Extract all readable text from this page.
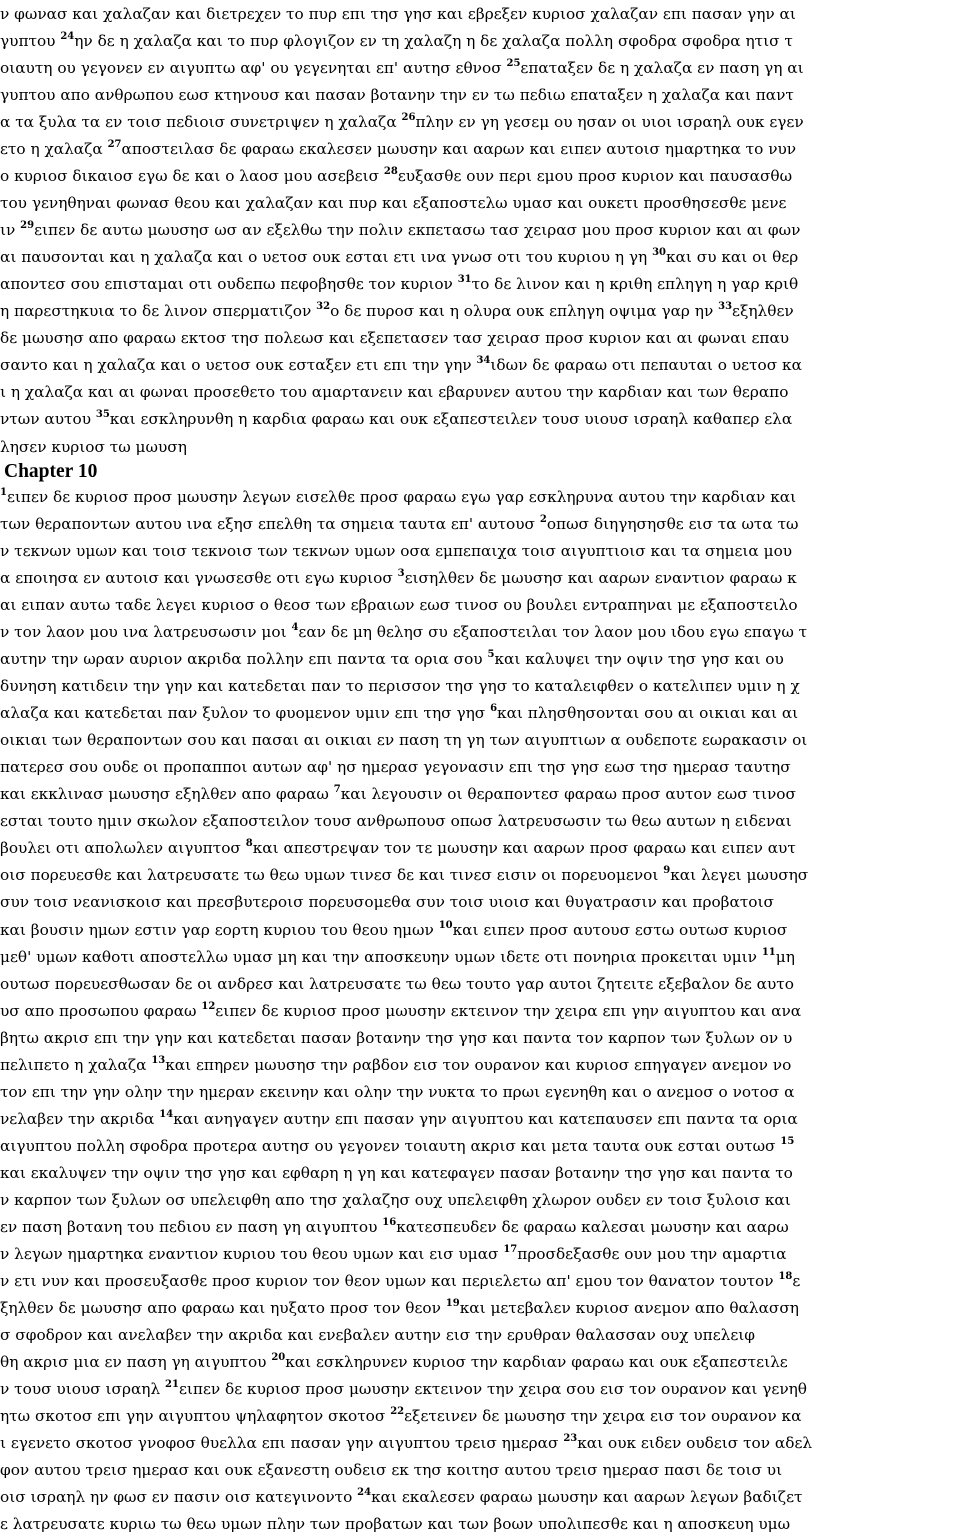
ν φωνασ και χαλαζαν και διετρεχεν το πυρ επι τησ γησ και εβρεξεν κυριοσ χαλαζαν επι πασαν γην αι
γυπτου $^{24}$ην δε η χαλαζα και το πυρ φλογιζον εν τη χαλαζη η δε χαλαζα πολλη σφοδρα σφοδρα ητισ τ
οιαυτη ου γεγονεν εν αιγυπτω αφ' ου γεγενηται επ' αυτησ εθνοσ $^{25}$επαταξεν δε η χαλαζα εν παση γη αι
γυπτου απο ανθρωπου εωσ κτηνουσ και πασαν βοτανην την εν τω πεδιω επαταξεν η χαλαζα και παντ
α τα ξυλα τα εν τοισ πεδιοισ συνετριψεν η χαλαζα $^{26}$πλην εν γη γεσεμ ου ησαν οι υιοι ισραηλ ουκ εγεν
ετο η χαλαζα $^{27}$αποστειλασ δε φαραω εκαλεσεν μωυσην και ααρων και ειπεν αυτοισ ημαρτηκα το νυν
ο κυριοσ δικαιοσ εγω δε και ο λαοσ μου ασεβεισ $^{28}$ευξασθε ουν περι εμου προσ κυριον και παυσασθω
του γενηθηναι φωνασ θεου και χαλαζαν και πυρ και εξαποστελω υμασ και ουκετι προσθησεσθε μενε
ιν $^{29}$ειπεν δε αυτω μωυσησ ωσ αν εξελθω την πολιν εκπετασω τασ χειρασ μου προσ κυριον και αι φων
αι παυσονται και η χαλαζα και ο υετοσ ουκ εσται ετι ινα γνωσ οτι του κυριου η γη $^{30}$και συ και οι θερ
αποντεσ σου επισταμαι οτι ουδεπω πεφοβησθε τον κυριον $^{31}$το δε λινον και η κριθη επληγη η γαρ κριθ
η παρεστηκυια το δε λινον σπερματιζον $^{32}$ο δε πυροσ και η ολυρα ουκ επληγη οψιμα γαρ ην $^{33}$εξηλθεν
δε μωυσησ απο φαραω εκτοσ τησ πολεωσ και εξεπετασεν τασ χειρασ προσ κυριον και αι φωναι επαυ
σαντο και η χαλαζα και ο υετοσ ουκ εσταξεν ετι επι την γην $^{34}$ιδων δε φαραω οτι πεπαυται ο υετοσ κα
ι η χαλαζα και αι φωναι προσεθετο του αμαρτανειν και εβαρυνεν αυτου την καρδιαν και των θεραπο
ντων αυτου $^{35}$και εσκληρυνθη η καρδια φαραω και ουκ εξαπεστειλεν τουσ υιουσ ισραηλ καθαπερ ελα
λησεν κυριοσ τω μωυση
Chapter 10
$^1$ειπεν δε κυριοσ προσ μωυσην λεγων εισελθε προσ φαραω εγω γαρ εσκληρυνα αυτου την καρδιαν και
των θεραποντων αυτου ινα εξησ επελθη τα σημεια ταυτα επ' αυτουσ $^2$οπωσ διηγησησθε εισ τα ωτα τω
ν τεκνων υμων και τοισ τεκνοισ των τεκνων υμων οσα εμπεπαιχα τοισ αιγυπτιοισ και τα σημεια μου
α εποιησα εν αυτοισ και γνωσεσθε οτι εγω κυριοσ $^3$εισηλθεν δε μωυσησ και ααρων εναντιον φαραω κ
αι ειπαν αυτω ταδε λεγει κυριοσ ο θεοσ των εβραιων εωσ τινοσ ου βουλει εντραπηναι με εξαποστειλο
ν τον λαον μου ινα λατρευσωσιν μοι $^4$εαν δε μη θελησ συ εξαποστειλαι τον λαον μου ιδου εγω επαγω τ
αυτην την ωραν αυριον ακριδα πολλην επι παντα τα ορια σου $^5$και καλυψει την οψιν τησ γησ και ου
δυνηση κατιδειν την γην και κατεδεται παν το περισσον τησ γησ το καταλειφθεν ο κατελιπεν υμιν η χ
αλαζα και κατεδεται παν ξυλον το φυομενον υμιν επι τησ γησ $^6$και πλησθησονται σου αι οικιαι και αι
οικιαι των θεραποντων σου και πασαι αι οικιαι εν παση τη γη των αιγυπτιων α ουδεποτε εωρακασιν οι
πατερεσ σου ουδε οι προπαπποι αυτων αφ' ησ ημερασ γεγονασιν επι τησ γησ εωσ τησ ημερασ ταυτησ
και εκκλινασ μωυσησ εξηλθεν απο φαραω $^7$και λεγουσιν οι θεραποντεσ φαραω προσ αυτον εωσ τινοσ
εσται τουτο ημιν σκωλον εξαποστειλον τουσ ανθρωπουσ οπωσ λατρευσωσιν τω θεω αυτων η ειδεναι
βουλει οτι απολωλεν αιγυπτοσ $^8$και απεστρεψαν τον τε μωυσην και ααρων προσ φαραω και ειπεν αυτ
οισ πορευεσθε και λατρευσατε τω θεω υμων τινεσ δε και τινεσ εισιν οι πορευομενοι $^9$και λεγει μωυσησ
συν τοισ νεανισκοισ και πρεσβυτεροισ πορευσομεθα συν τοισ υιοισ και θυγατρασιν και προβατοισ
και βουσιν ημων εστιν γαρ εορτη κυριου του θεου ημων $^{10}$και ειπεν προσ αυτουσ εστω ουτωσ κυριοσ
μεθ' υμων καθοτι αποστελλω υμασ μη και την αποσκευην υμων ιδετε οτι πονηρια προκειται υμιν $^{11}$μη
ουτωσ πορευεσθωσαν δε οι ανδρεσ και λατρευσατε τω θεω τουτο γαρ αυτοι ζητειτε εξεβαλον δε αυτο
υσ απο προσωπου φαραω $^{12}$ειπεν δε κυριοσ προσ μωυσην εκτεινον την χειρα επι γην αιγυπτου και ανα
βητω ακρισ επι την γην και κατεδεται πασαν βοτανην τησ γησ και παντα τον καρπον των ξυλων ον υ
πελιπετο η χαλαζα $^{13}$και επηρεν μωυσησ την ραβδον εισ τον ουρανον και κυριοσ επηγαγεν ανεμον νο
τον επι την γην ολην την ημεραν εκεινην και ολην την νυκτα το πρωι εγενηθη και ο ανεμοσ ο νοτοσ α
νελαβεν την ακριδα $^{14}$και ανηγαγεν αυτην επι πασαν γην αιγυπτου και κατεπαυσεν επι παντα τα ορια
αιγυπτου πολλη σφοδρα προτερα αυτησ ου γεγονεν τοιαυτη ακρισ και μετα ταυτα ουκ εσται ουτωσ $^{15}$
και εκαλυψεν την οψιν τησ γησ και εφθαρη η γη και κατεφαγεν πασαν βοτανην τησ γησ και παντα το
ν καρπον των ξυλων οσ υπελειφθη απο τησ χαλαζησ ουχ υπελειφθη χλωρον ουδεν εν τοισ ξυλοισ και
εν παση βοτανη του πεδιου εν παση γη αιγυπτου $^{16}$κατεσπευδεν δε φαραω καλεσαι μωυσην και ααρω
ν λεγων ημαρτηκα εναντιον κυριου του θεου υμων και εισ υμασ $^{17}$προσδεξασθε ουν μου την αμαρτια
ν ετι νυν και προσευξασθε προσ κυριον τον θεον υμων και περιελετω απ' εμου τον θανατον τουτον $^{18}$ε
ξηλθεν δε μωυσησ απο φαραω και ηυξατο προσ τον θεον $^{19}$και μετεβαλεν κυριοσ ανεμον απο θαλασση
σ σφοδρον και ανελαβεν την ακριδα και ενεβαλεν αυτην εισ την ερυθραν θαλασσαν ουχ υπελειφ
θη ακρισ μια εν παση γη αιγυπτου $^{20}$και εσκληρυνεν κυριοσ την καρδιαν φαραω και ουκ εξαπεστειλε
ν τουσ υιουσ ισραηλ $^{21}$ειπεν δε κυριοσ προσ μωυσην εκτεινον την χειρα σου εισ τον ουρανον και γενηθ
ητω σκοτοσ επι γην αιγυπτου ψηλαφητον σκοτοσ $^{22}$εξετεινεν δε μωυσησ την χειρα εισ τον ουρανον κα
ι εγενετο σκοτοσ γνοφοσ θυελλα επι πασαν γην αιγυπτου τρεισ ημερασ $^{23}$και ουκ ειδεν ουδεισ τον αδελ
φον αυτου τρεισ ημερασ και ουκ εξανεστη ουδεισ εκ τησ κοιτησ αυτου τρεισ ημερασ πασι δε τοισ υι
οισ ισραηλ ην φωσ εν πασιν οισ κατεγινοντο $^{24}$και εκαλεσεν φαραω μωυσην και ααρων λεγων βαδιζετ
ε λατρευσατε κυριω τω θεω υμων πλην των προβατων και των βοων υπολιπεσθε και η αποσκευη υμω
